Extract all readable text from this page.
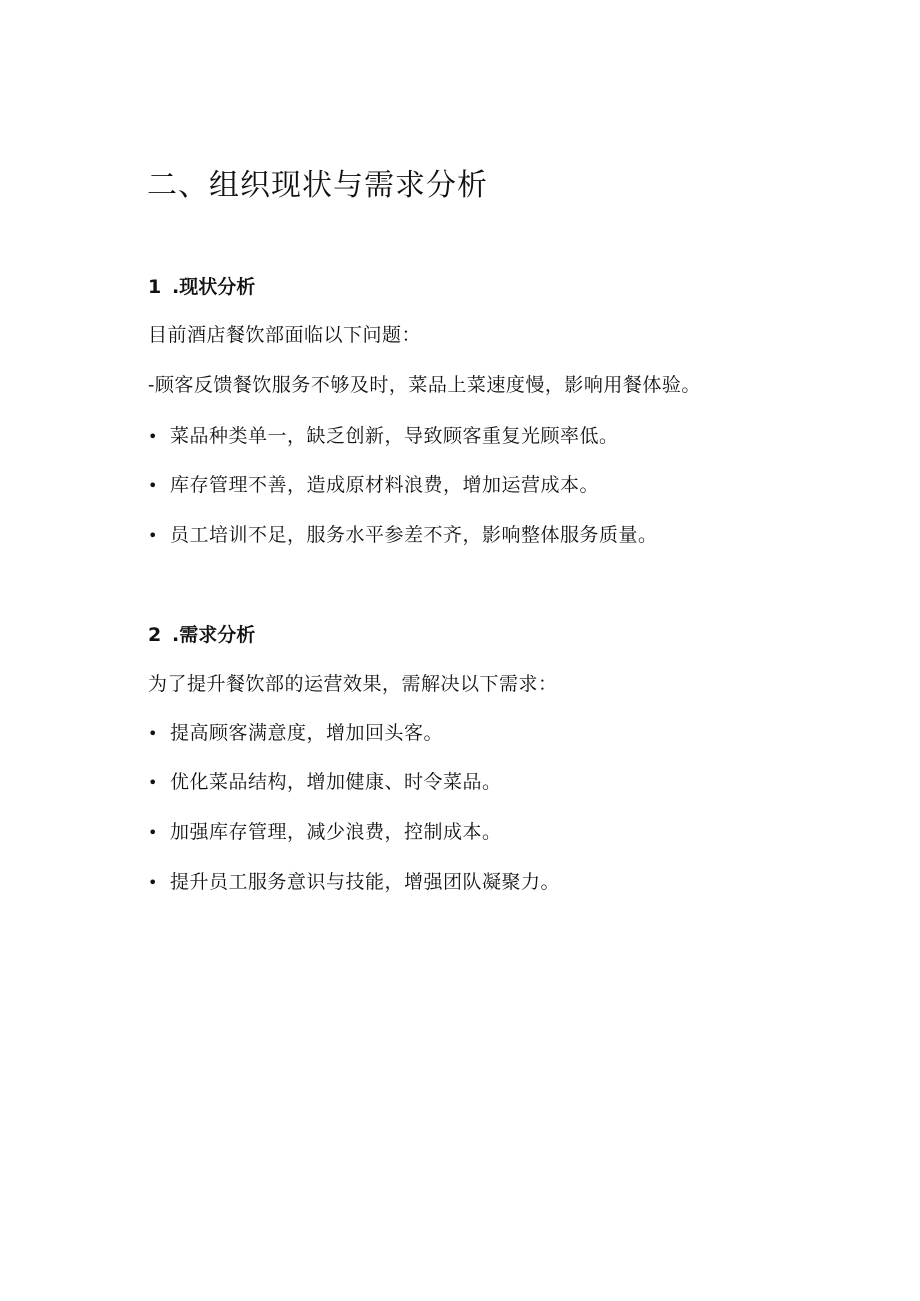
二、组织现状与需求分析
1 .现状分析

目前酒店餐饮部面临以下问题：

-顾客反馈餐饮服务不够及时，菜品上菜速度慢，影响用餐体验。

• 菜品种类单一，缺乏创新，导致顾客重复光顾率低。
• 库存管理不善，造成原材料浪费，增加运营成本。
• 员工培训不足，服务水平参差不齐，影响整体服务质量。
2 .需求分析

为了提升餐饮部的运营效果，需解决以下需求：

• 提高顾客满意度，增加回头客。
• 优化菜品结构，增加健康、时令菜品。
• 加强库存管理，减少浪费，控制成本。
• 提升员工服务意识与技能，增强团队凝聚力。
